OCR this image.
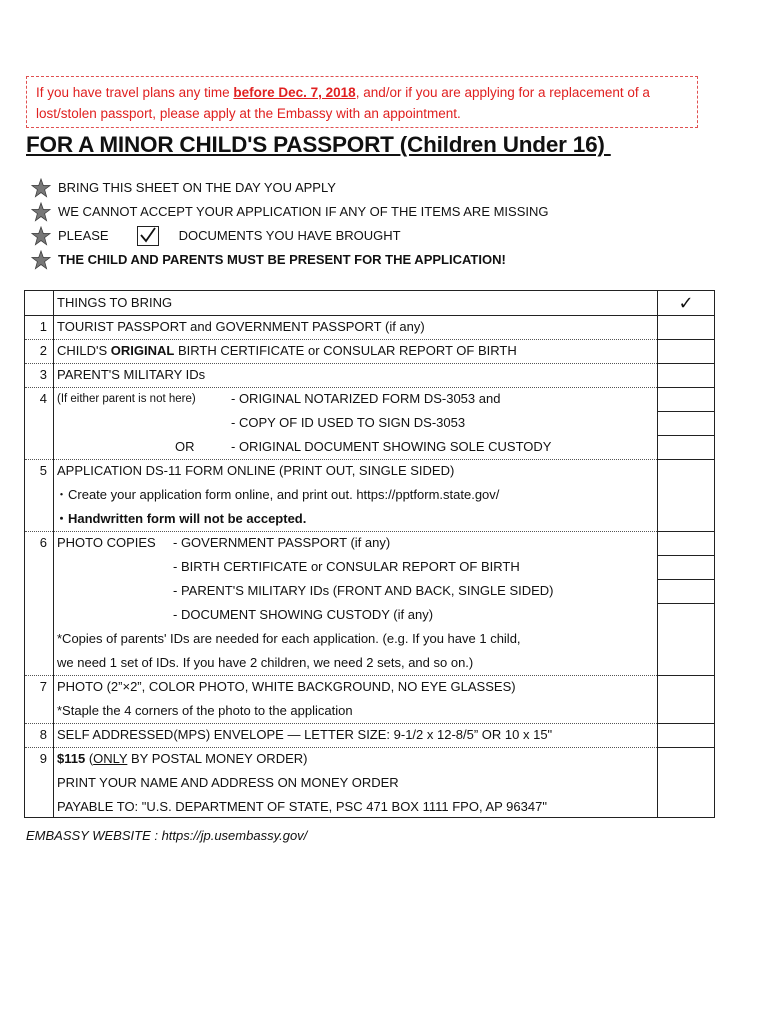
If you have travel plans any time before Dec. 7, 2018, and/or if you are applying for a replacement of a lost/stolen passport, please apply at the Embassy with an appointment.
FOR A MINOR CHILD'S PASSPORT (Children Under 16)
BRING THIS SHEET ON THE DAY YOU APPLY
WE CANNOT ACCEPT YOUR APPLICATION IF ANY OF THE ITEMS ARE MISSING
PLEASE	DOCUMENTS YOU HAVE BROUGHT
THE CHILD AND PARENTS MUST BE PRESENT FOR THE APPLICATION!
✓
THINGS TO BRING
1 TOURIST PASSPORT and GOVERNMENT PASSPORT (if any)
2 CHILD'S ORIGINAL BIRTH CERTIFICATE or CONSULAR REPORT OF BIRTH
3 PARENT'S MILITARY IDs
4 (If either parent is not here)	- ORIGINAL NOTARIZED FORM DS-3053 and
- COPY OF ID USED TO SIGN DS-3053
OR	- ORIGINAL DOCUMENT SHOWING SOLE CUSTODY
5 APPLICATION DS-11 FORM ONLINE (PRINT OUT, SINGLE SIDED)
・Create your application form online, and print out. https://pptform.state.gov/
・Handwritten form will not be accepted.
6 PHOTO COPIES - GOVERNMENT PASSPORT (if any)
- BIRTH CERTIFICATE or CONSULAR REPORT OF BIRTH
- PARENT'S MILITARY IDs (FRONT AND BACK, SINGLE SIDED)
- DOCUMENT SHOWING CUSTODY (if any)
*Copies of parents' IDs are needed for each application. (e.g. If you have 1 child,
we need 1 set of IDs. If you have 2 children, we need 2 sets, and so on.)
7 PHOTO (2”×2”, COLOR PHOTO, WHITE BACKGROUND, NO EYE GLASSES)
*Staple the 4 corners of the photo to the application
8 SELF ADDRESSED(MPS) ENVELOPE — LETTER SIZE: 9-1/2 x 12-8/5” OR 10 x 15"
9 $115 (ONLY BY POSTAL MONEY ORDER)
PRINT YOUR NAME AND ADDRESS ON MONEY ORDER
PAYABLE TO: "U.S. DEPARTMENT OF STATE, PSC 471 BOX 1111 FPO, AP 96347"
EMBASSY WEBSITE : https://jp.usembassy.gov/
